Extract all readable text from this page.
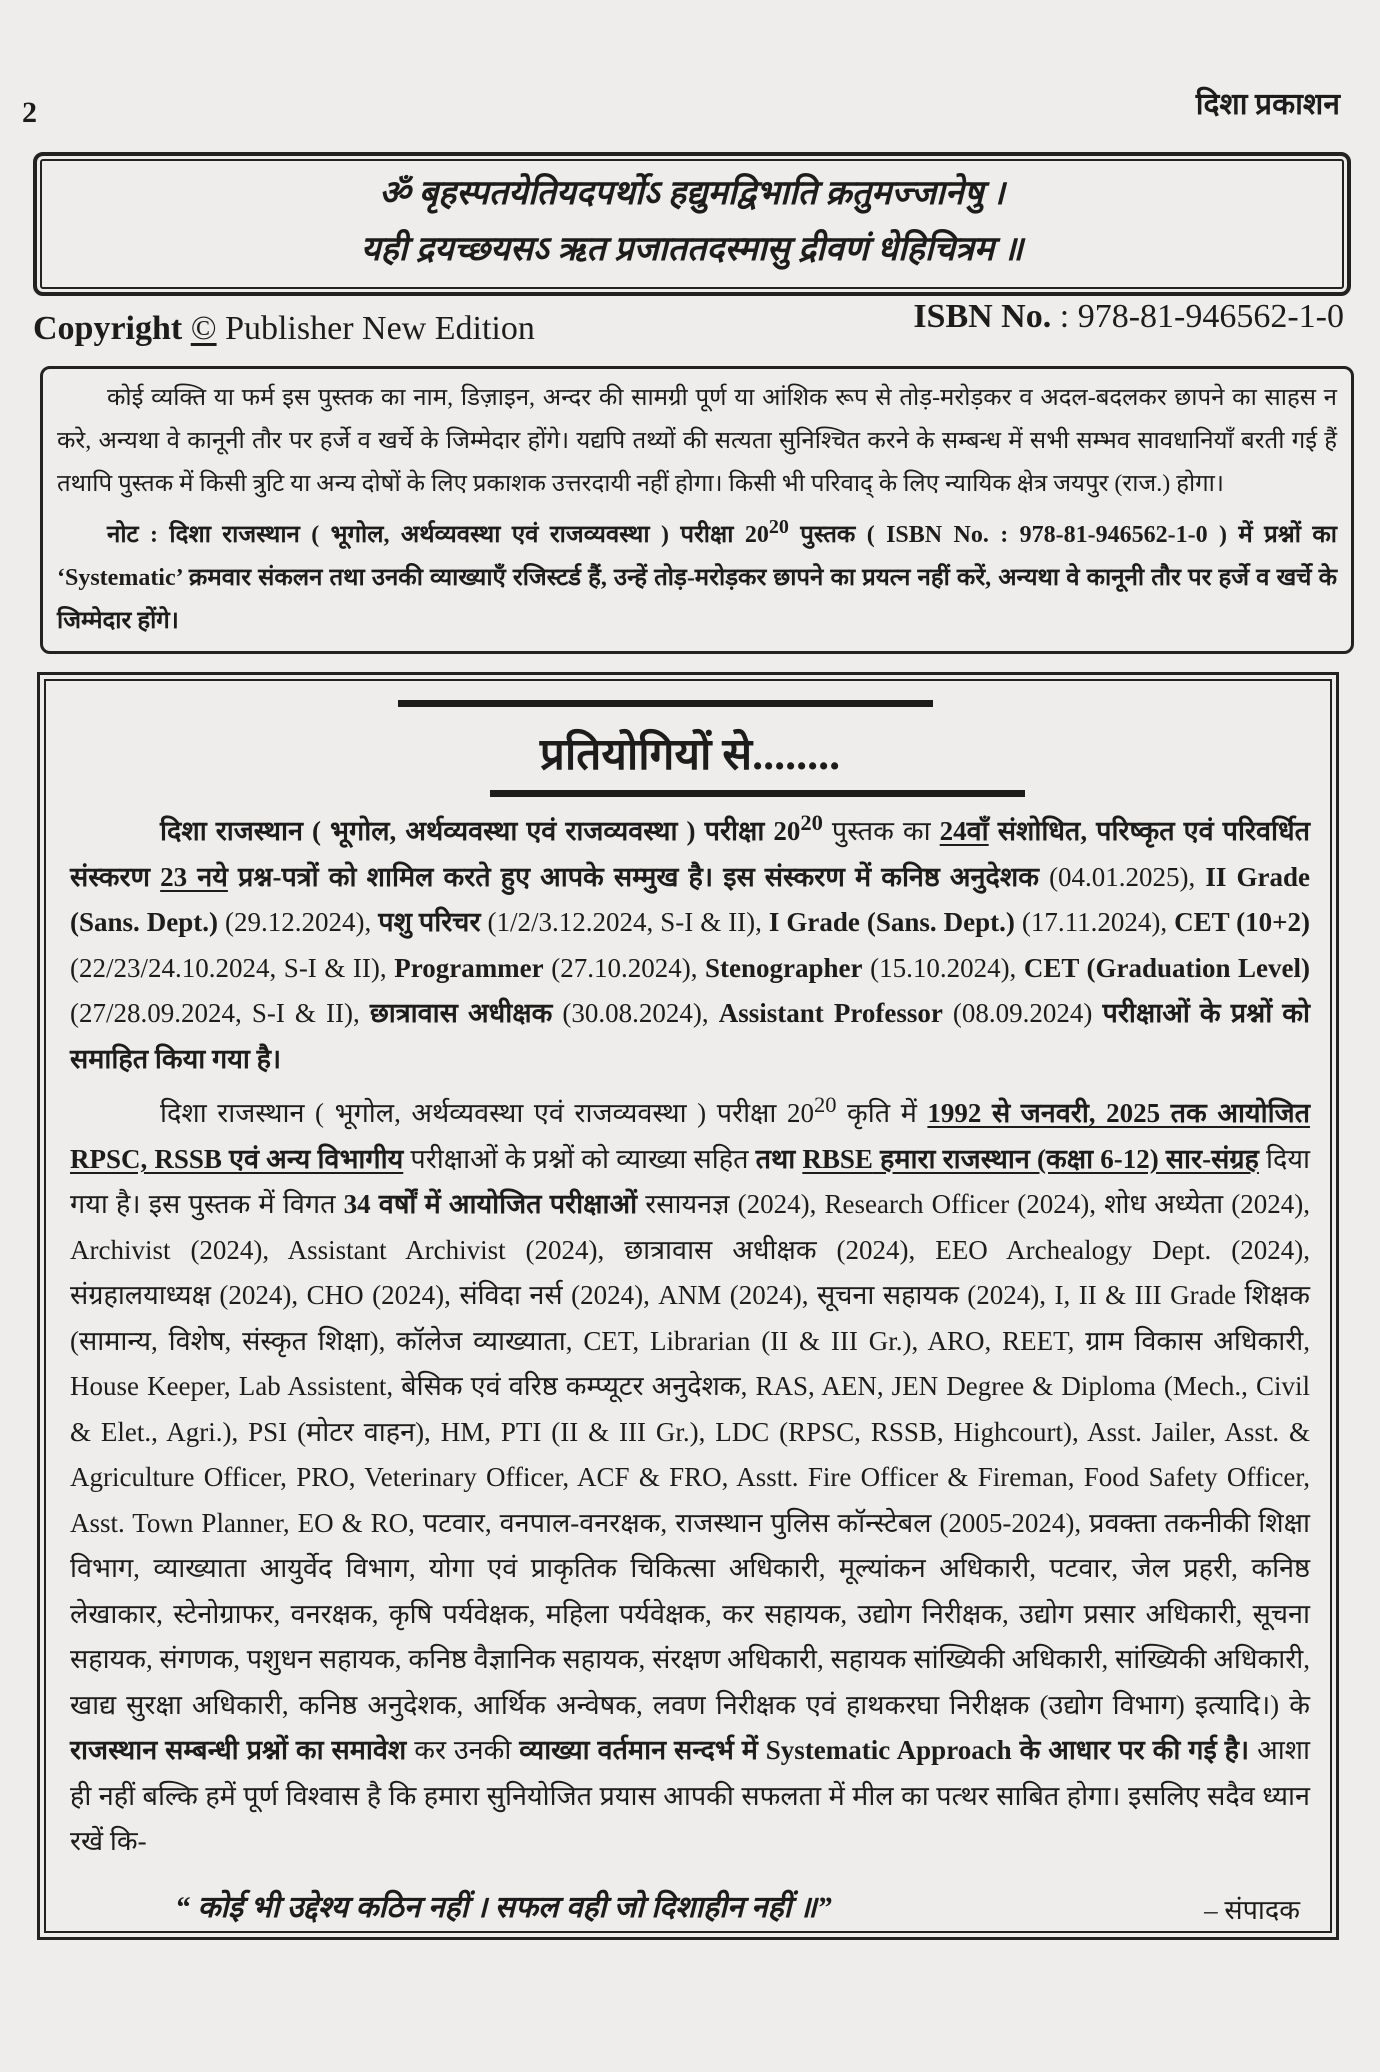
2	दिशा प्रकाशन
ॐ बृहस्पतयेतियदपर्थोऽ हद्युमद्विभाति क्रतुमज्जानेषु ।
यही द्रयच्छयसऽ ऋत प्रजाततदस्मासु द्रीवणं धेहिचित्रम ॥
Copyright © Publisher New Edition	ISBN No. : 978-81-946562-1-0

कोई व्यक्ति या फर्म इस पुस्तक का नाम, डिज़ाइन, अन्दर की सामग्री पूर्ण या आंशिक रूप से तोड़-मरोड़कर व अदल-बदलकर छापने का साहस न करे, अन्यथा वे कानूनी तौर पर हर्जे व खर्चे के जिम्मेदार होंगे। यद्यपि तथ्यों की सत्यता सुनिश्चित करने के सम्बन्ध में सभी सम्भव सावधानियाँ बरती गई हैं तथापि पुस्तक में किसी त्रुटि या अन्य दोषों के लिए प्रकाशक उत्तरदायी नहीं होगा। किसी भी परिवाद् के लिए न्यायिक क्षेत्र जयपुर (राज.) होगा।

नोट : दिशा राजस्थान ( भूगोल, अर्थव्यवस्था एवं राजव्यवस्था ) परीक्षा $20^{20}$ पुस्तक ( ISBN No. : 978-81-946562-1-0 ) में प्रश्नों का ‘Systematic’ क्रमवार संकलन तथा उनकी व्याख्याएँ रजिस्टर्ड हैं, उन्हें तोड़-मरोड़कर छापने का प्रयत्न नहीं करें, अन्यथा वे कानूनी तौर पर हर्जे व खर्चे के जिम्मेदार होंगे।

प्रतियोगियों से........

दिशा राजस्थान ( भूगोल, अर्थव्यवस्था एवं राजव्यवस्था ) परीक्षा $20^{20}$ पुस्तक का 24वाँ संशोधित, परिष्कृत एवं परिवर्धित संस्करण 23 नये प्रश्न-पत्रों को शामिल करते हुए आपके सम्मुख है। इस संस्करण में कनिष्ठ अनुदेशक (04.01.2025), II Grade (Sans. Dept.) (29.12.2024), पशु परिचर (1/2/3.12.2024, S-I & II), I Grade (Sans. Dept.) (17.11.2024), CET (10+2) (22/23/24.10.2024, S-I & II), Programmer (27.10.2024), Stenographer (15.10.2024), CET (Graduation Level) (27/28.09.2024, S-I & II), छात्रावास अधीक्षक (30.08.2024), Assistant Professor (08.09.2024) परीक्षाओं के प्रश्नों को समाहित किया गया है।

दिशा राजस्थान ( भूगोल, अर्थव्यवस्था एवं राजव्यवस्था ) परीक्षा $20^{20}$ कृति में 1992 से जनवरी, 2025 तक आयोजित RPSC, RSSB एवं अन्य विभागीय परीक्षाओं के प्रश्नों को व्याख्या सहित तथा RBSE हमारा राजस्थान (कक्षा 6-12) सार-संग्रह दिया गया है। इस पुस्तक में विगत 34 वर्षों में आयोजित परीक्षाओं रसायनज्ञ (2024), Research Officer (2024), शोध अध्येता (2024), Archivist (2024), Assistant Archivist (2024), छात्रावास अधीक्षक (2024), EEO Archealogy Dept. (2024), संग्रहालयाध्यक्ष (2024), CHO (2024), संविदा नर्स (2024), ANM (2024), सूचना सहायक (2024), I, II & III Grade शिक्षक (सामान्य, विशेष, संस्कृत शिक्षा), कॉलेज व्याख्याता, CET, Librarian (II & III Gr.), ARO, REET, ग्राम विकास अधिकारी, House Keeper, Lab Assistent, बेसिक एवं वरिष्ठ कम्प्यूटर अनुदेशक, RAS, AEN, JEN Degree & Diploma (Mech., Civil & Elet., Agri.), PSI (मोटर वाहन), HM, PTI (II & III Gr.), LDC (RPSC, RSSB, Highcourt), Asst. Jailer, Asst. & Agriculture Officer, PRO, Veterinary Officer, ACF & FRO, Asstt. Fire Officer & Fireman, Food Safety Officer, Asst. Town Planner, EO & RO, पटवार, वनपाल-वनरक्षक, राजस्थान पुलिस कॉन्स्टेबल (2005-2024), प्रवक्ता तकनीकी शिक्षा विभाग, व्याख्याता आयुर्वेद विभाग, योगा एवं प्राकृतिक चिकित्सा अधिकारी, मूल्यांकन अधिकारी, पटवार, जेल प्रहरी, कनिष्ठ लेखाकार, स्टेनोग्राफर, वनरक्षक, कृषि पर्यवेक्षक, महिला पर्यवेक्षक, कर सहायक, उद्योग निरीक्षक, उद्योग प्रसार अधिकारी, सूचना सहायक, संगणक, पशुधन सहायक, कनिष्ठ वैज्ञानिक सहायक, संरक्षण अधिकारी, सहायक सांख्यिकी अधिकारी, सांख्यिकी अधिकारी, खाद्य सुरक्षा अधिकारी, कनिष्ठ अनुदेशक, आर्थिक अन्वेषक, लवण निरीक्षक एवं हाथकरघा निरीक्षक (उद्योग विभाग) इत्यादि।) के राजस्थान सम्बन्धी प्रश्नों का समावेश कर उनकी व्याख्या वर्तमान सन्दर्भ में Systematic Approach के आधार पर की गई है। आशा ही नहीं बल्कि हमें पूर्ण विश्वास है कि हमारा सुनियोजित प्रयास आपकी सफलता में मील का पत्थर साबित होगा। इसलिए सदैव ध्यान रखें कि-

“ कोई भी उद्देश्य कठिन नहीं । सफल वही जो दिशाहीन नहीं ॥”	– संपादक
